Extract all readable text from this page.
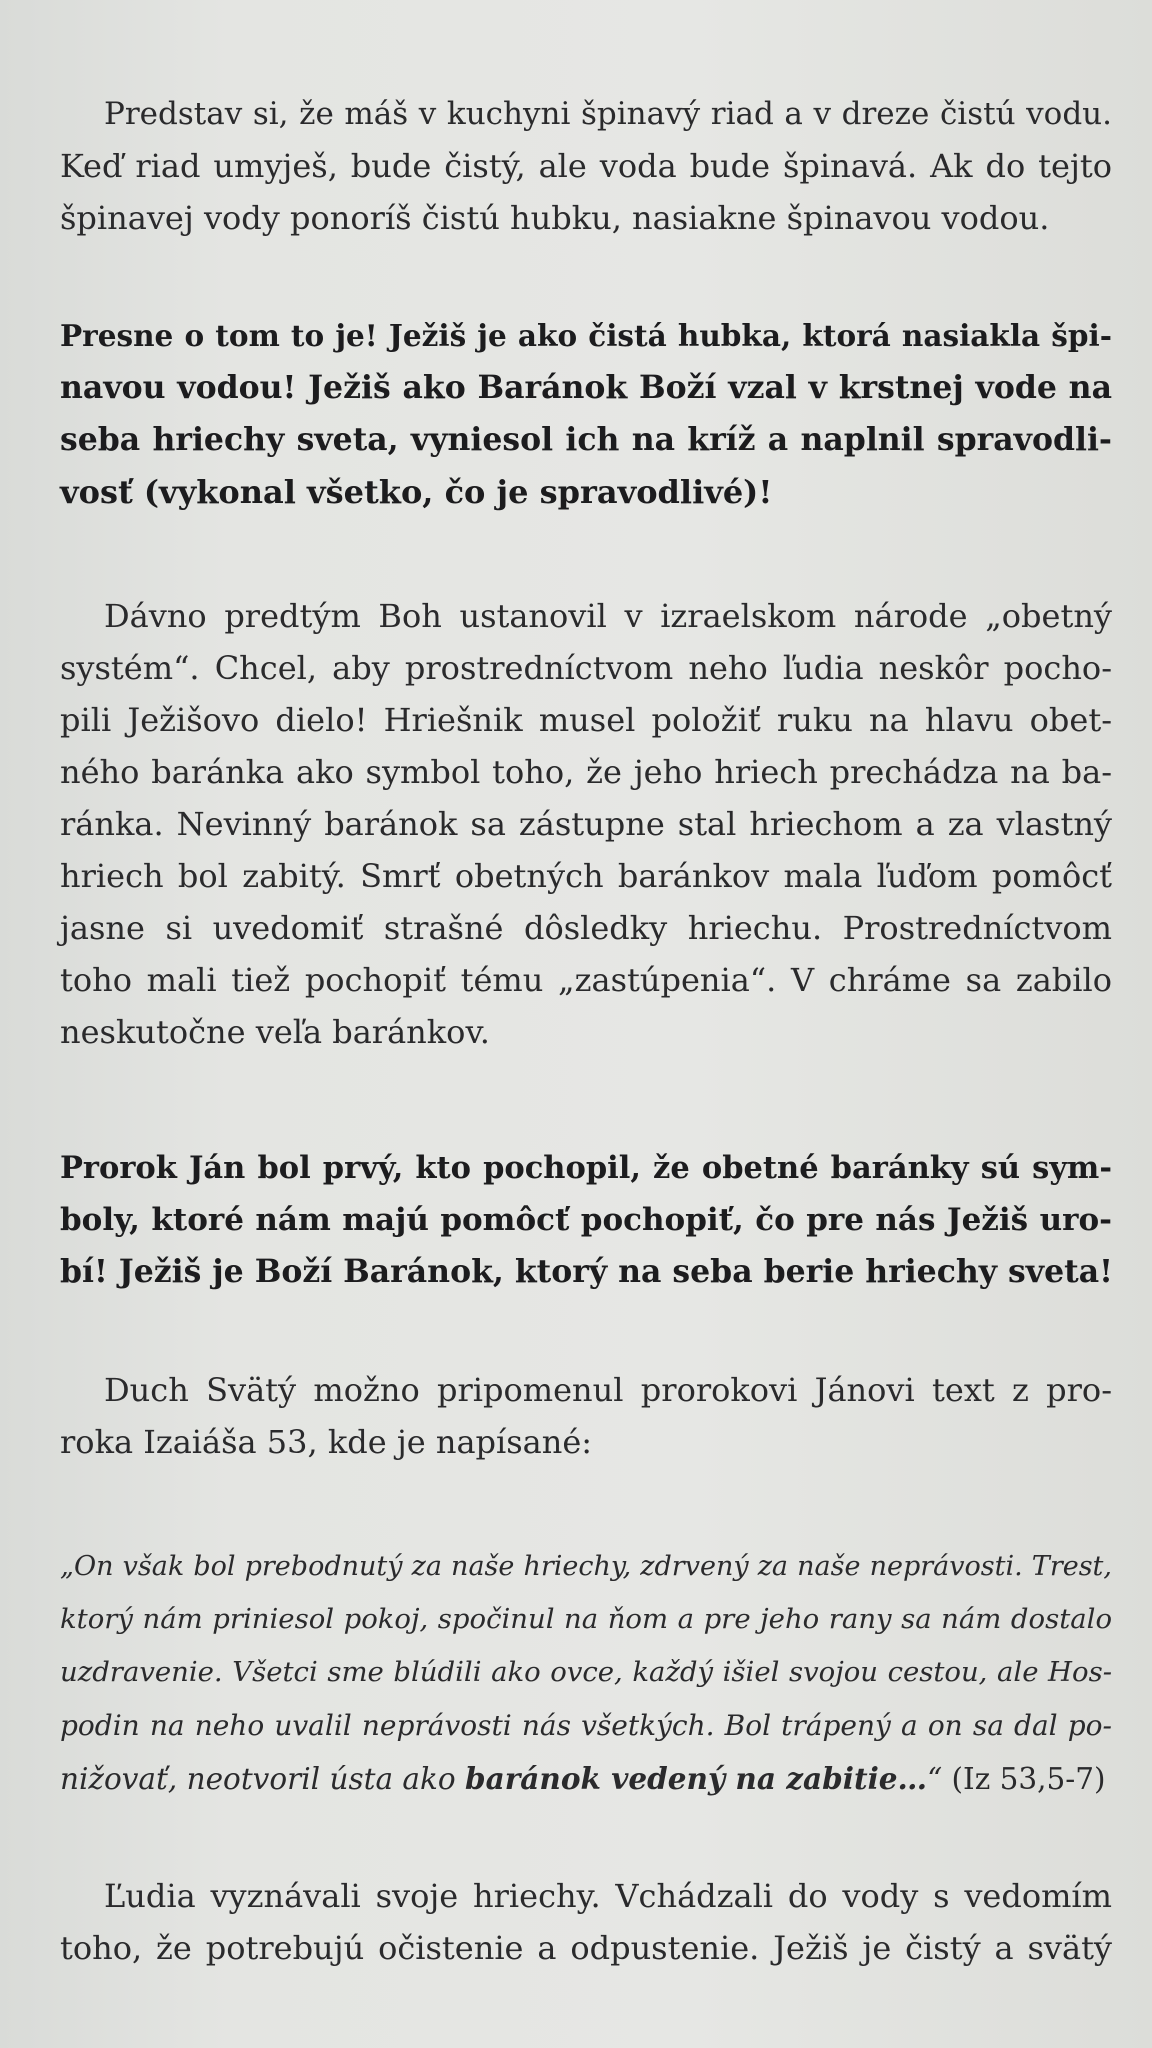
Predstav si, že máš v kuchyni špinavý riad a v dreze čistú vodu.
Keď riad umyješ, bude čistý, ale voda bude špinavá. Ak do tejto
špinavej vody ponoríš čistú hubku, nasiakne špinavou vodou.

Presne o tom to je! Ježiš je ako čistá hubka, ktorá nasiakla špi-
navou vodou! Ježiš ako Baránok Boží vzal v krstnej vode na
seba hriechy sveta, vyniesol ich na kríž a naplnil spravodli-
vosť (vykonal všetko, čo je spravodlivé)!

Dávno predtým Boh ustanovil v izraelskom národe „obetný
systém“. Chcel, aby prostredníctvom neho ľudia neskôr pocho-
pili Ježišovo dielo! Hriešnik musel položiť ruku na hlavu obet-
ného baránka ako symbol toho, že jeho hriech prechádza na ba-
ránka. Nevinný baránok sa zástupne stal hriechom a za vlastný
hriech bol zabitý. Smrť obetných baránkov mala ľuďom pomôcť
jasne si uvedomiť strašné dôsledky hriechu. Prostredníctvom
toho mali tiež pochopiť tému „zastúpenia“. V chráme sa zabilo
neskutočne veľa baránkov.

Prorok Ján bol prvý, kto pochopil, že obetné baránky sú sym-
boly, ktoré nám majú pomôcť pochopiť, čo pre nás Ježiš uro-
bí! Ježiš je Boží Baránok, ktorý na seba berie hriechy sveta!

Duch Svätý možno pripomenul prorokovi Jánovi text z pro-
roka Izaiáša 53, kde je napísané:

„On však bol prebodnutý za naše hriechy, zdrvený za naše neprávosti. Trest,
ktorý nám priniesol pokoj, spočinul na ňom a pre jeho rany sa nám dostalo
uzdravenie. Všetci sme blúdili ako ovce, každý išiel svojou cestou, ale Hos-
podin na neho uvalil neprávosti nás všetkých. Bol trápený a on sa dal po-
nižovať, neotvoril ústa ako baránok vedený na zabitie…“ (Iz 53,5-7)

Ľudia vyznávali svoje hriechy. Vchádzali do vody s vedomím
toho, že potrebujú očistenie a odpustenie. Ježiš je čistý a svätý
